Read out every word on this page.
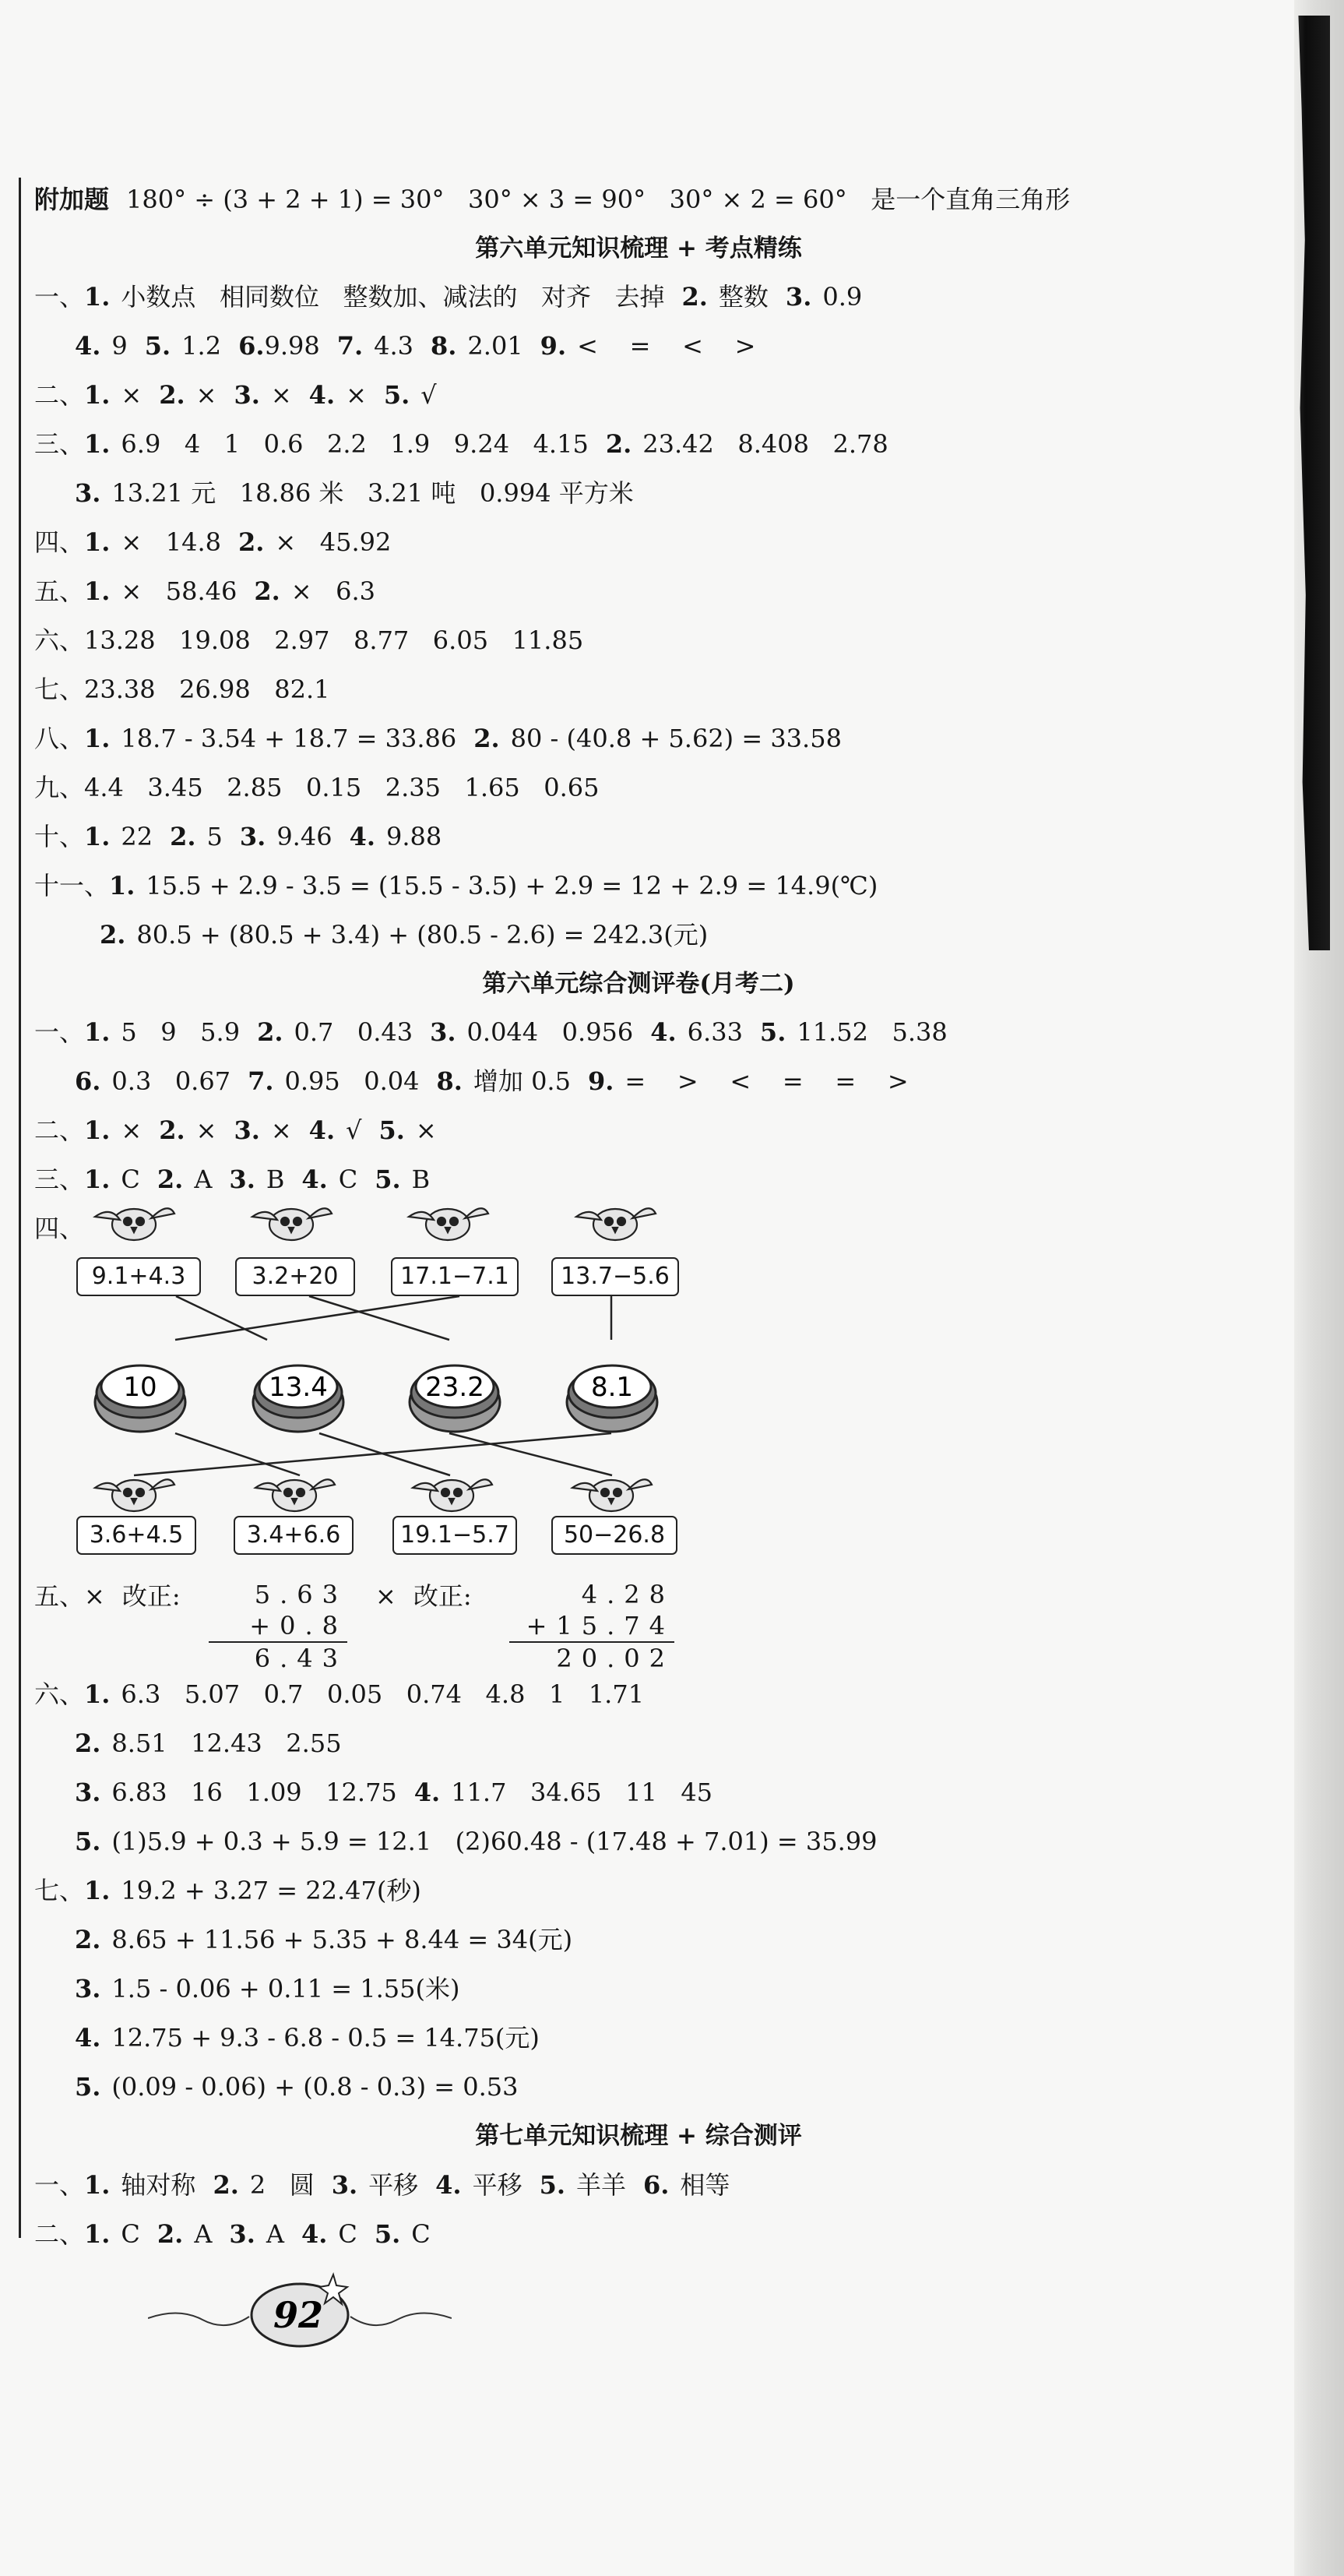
附加题 180° ÷ (3 + 2 + 1) = 30°   30° × 3 = 90°   30° × 2 = 60°   是一个直角三角形
第六单元知识梳理 + 考点精练
一、1. 小数点   相同数位   整数加、减法的   对齐   去掉 2. 整数 3. 0.9
4. 9 5. 1.2 6.9.98 7. 4.3 8. 2.01 9. <    =    <    >
二、1. × 2. × 3. × 4. × 5. √
三、1. 6.9   4   1   0.6   2.2   1.9   9.24   4.15 2. 23.42   8.408   2.78
3. 13.21 元   18.86 米   3.21 吨   0.994 平方米
四、1. ×   14.8 2. ×   45.92
五、1. ×   58.46 2. ×   6.3
六、13.28   19.08   2.97   8.77   6.05   11.85
七、23.38   26.98   82.1
八、1. 18.7 - 3.54 + 18.7 = 33.86 2. 80 - (40.8 + 5.62) = 33.58
九、4.4   3.45   2.85   0.15   2.35   1.65   0.65
十、1. 22 2. 5 3. 9.46 4. 9.88
十一、1. 15.5 + 2.9 - 3.5 = (15.5 - 3.5) + 2.9 = 12 + 2.9 = 14.9(℃)
2. 80.5 + (80.5 + 3.4) + (80.5 - 2.6) = 242.3(元)
第六单元综合测评卷(月考二)
一、1. 5   9   5.9 2. 0.7   0.43 3. 0.044   0.956 4. 6.33 5. 11.52   5.38
6. 0.3   0.67 7. 0.95   0.04 8. 增加 0.5 9. =    >    <    =    =    >
二、1. × 2. × 3. × 4. √ 5. ×
三、1. C 2. A 3. B 4. C 5. B
四、
10	13.4	23.2	8.1
9.1+4.3	3.2+20	17.1−7.1	13.7−5.6
3.6+4.5	3.4+6.6	19.1−5.7	50−26.8
五、× 改正:	× 改正:
5.63
+0.8
6.43
4.28
+15.74
20.02
六、1. 6.3   5.07   0.7   0.05   0.74   4.8   1   1.71
2. 8.51   12.43   2.55
3. 6.83   16   1.09   12.75 4. 11.7   34.65   11   45
5. (1)5.9 + 0.3 + 5.9 = 12.1   (2)60.48 - (17.48 + 7.01) = 35.99
七、1. 19.2 + 3.27 = 22.47(秒)
2. 8.65 + 11.56 + 5.35 + 8.44 = 34(元)
3. 1.5 - 0.06 + 0.11 = 1.55(米)
4. 12.75 + 9.3 - 6.8 - 0.5 = 14.75(元)
5. (0.09 - 0.06) + (0.8 - 0.3) = 0.53
第七单元知识梳理 + 综合测评
一、1. 轴对称 2. 2   圆 3. 平移 4. 平移 5. 羊羊 6. 相等
二、1. C 2. A 3. A 4. C 5. C
92
